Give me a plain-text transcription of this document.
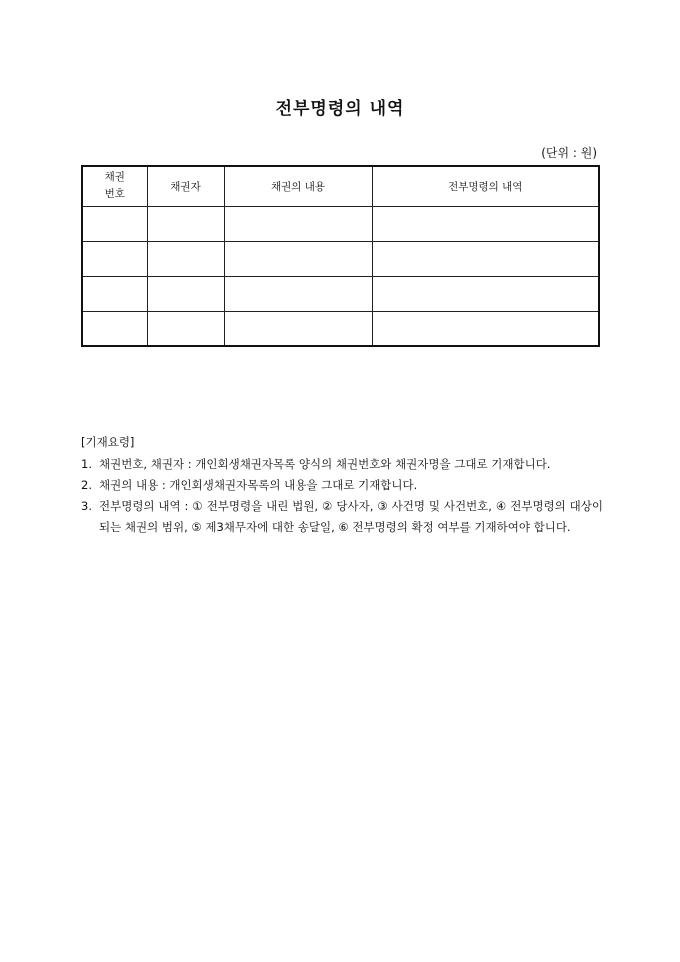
전부명령의 내역
(단위 : 원)
채권
번호	채권자	채권의 내용	전부명령의 내역

[기재요령]
1. 채권번호, 채권자 : 개인회생채권자목록 양식의 채권번호와 채권자명을 그대로 기재합니다.
2. 채권의 내용 : 개인회생채권자목록의 내용을 그대로 기재합니다.
3. 전부명령의 내역 : ① 전부명령을 내린 법원, ② 당사자, ③ 사건명 및 사건번호, ④ 전부명령의 대상이 되는 채권의 범위, ⑤ 제3채무자에 대한 송달일, ⑥ 전부명령의 확정 여부를 기재하여야 합니다.
